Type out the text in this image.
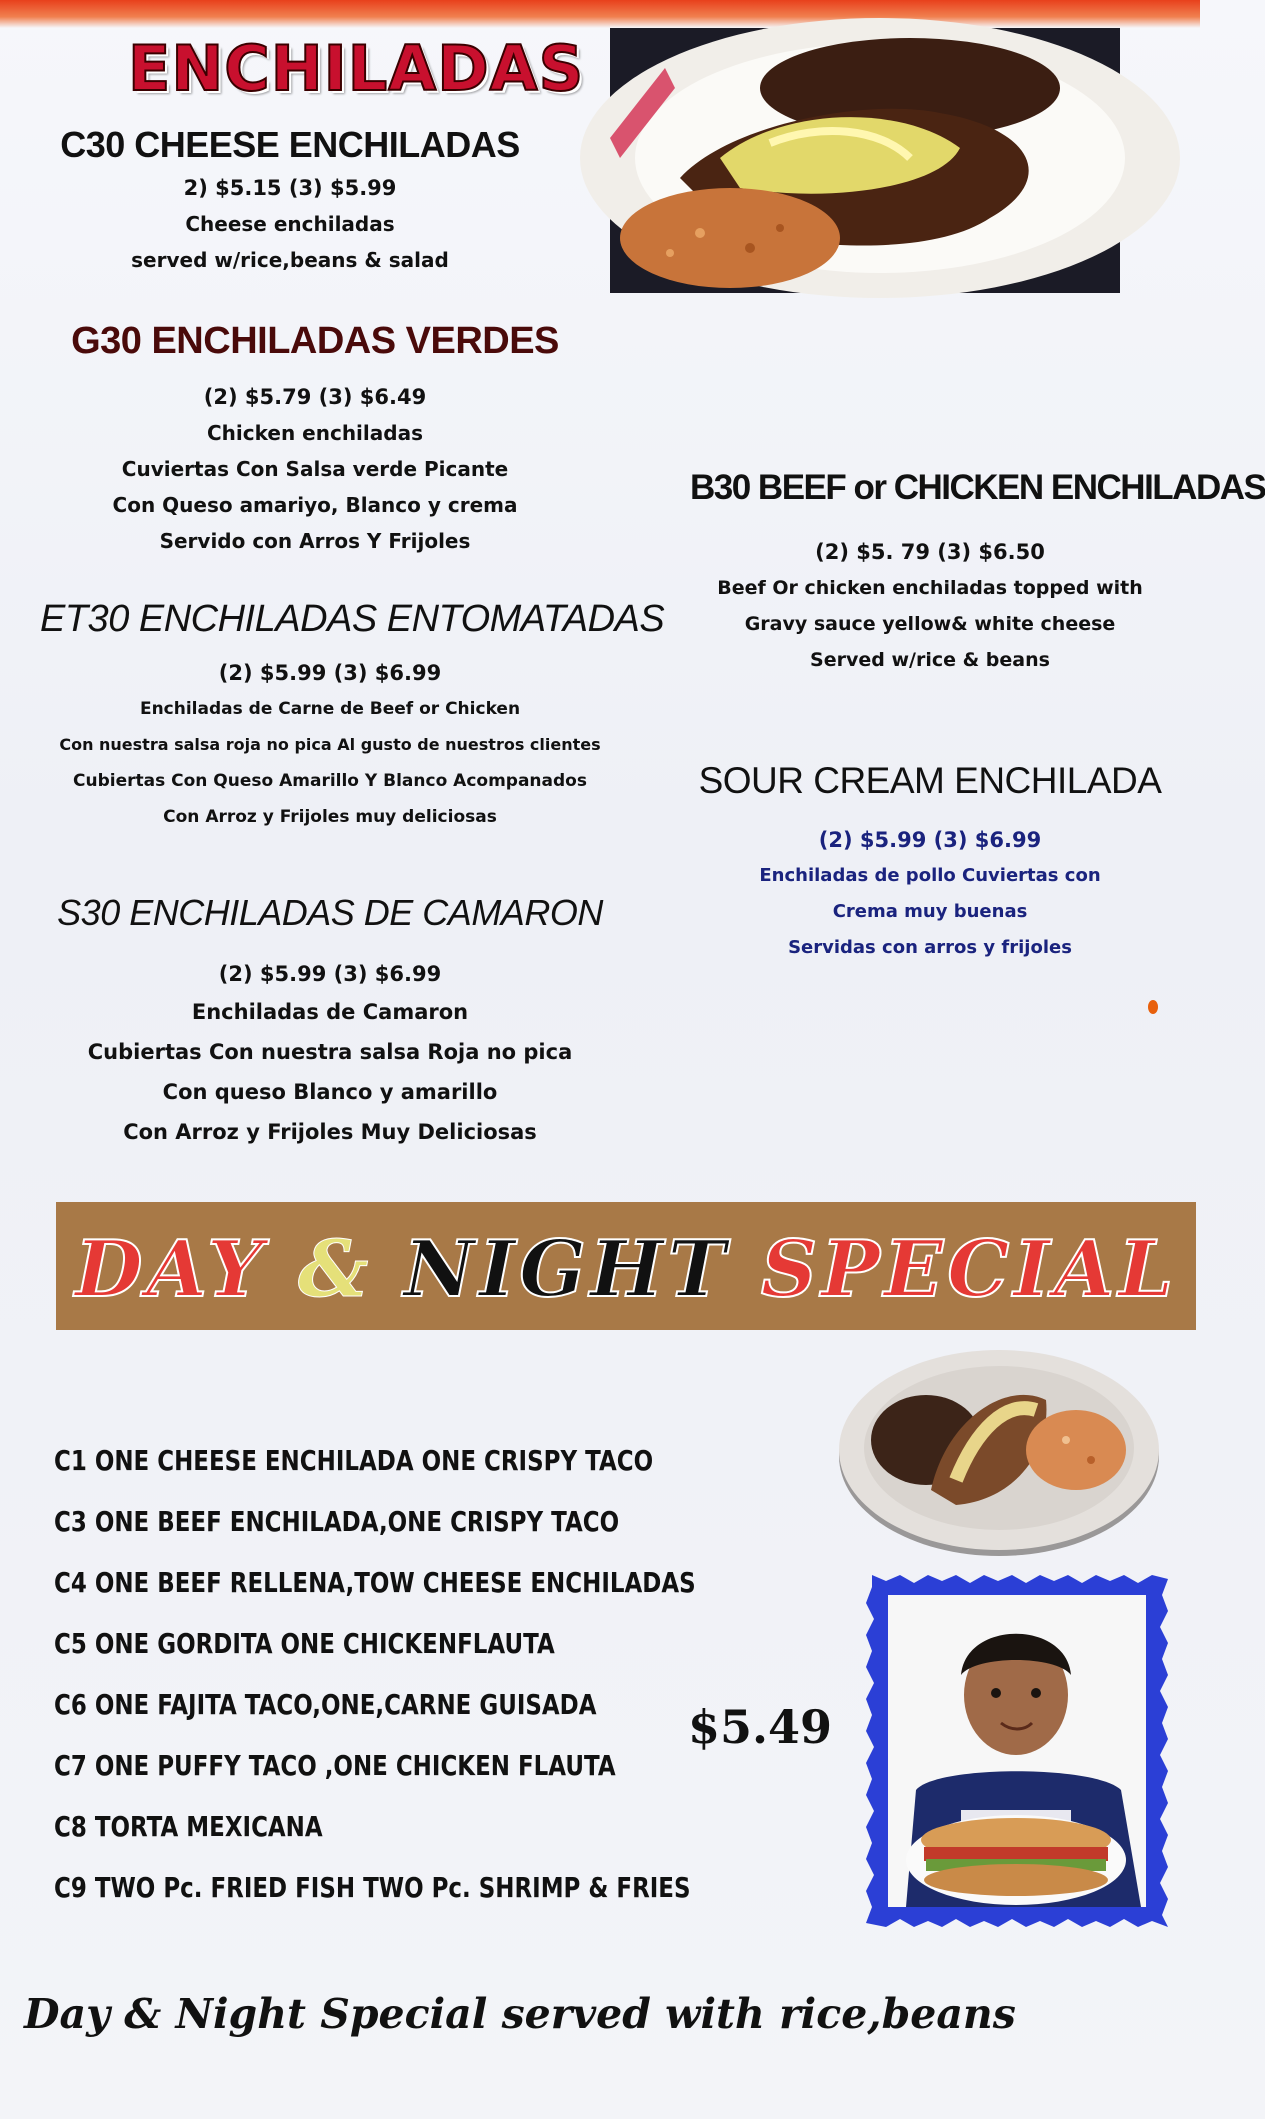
ENCHILADAS
C30 CHEESE ENCHILADAS
2) $5.15 (3) $5.99
Cheese enchiladas
served w/rice,beans & salad
G30 ENCHILADAS VERDES
(2) $5.79 (3) $6.49
Chicken enchiladas
Cuviertas Con Salsa verde Picante
Con Queso amariyo, Blanco y crema
Servido con Arros Y Frijoles
B30 BEEF or CHICKEN ENCHILADAS
(2) $5. 79 (3) $6.50
Beef Or chicken enchiladas topped with
Gravy sauce yellow& white cheese
Served w/rice & beans
ET30 ENCHILADAS ENTOMATADAS
(2) $5.99 (3) $6.99
Enchiladas de Carne de Beef or Chicken
Con nuestra salsa roja no pica Al gusto de nuestros clientes
Cubiertas Con Queso Amarillo Y Blanco Acompanados
Con Arroz y Frijoles muy deliciosas
SOUR CREAM ENCHILADA
(2) $5.99 (3) $6.99
Enchiladas de pollo Cuviertas con
Crema muy buenas
Servidas con arros y frijoles
S30 ENCHILADAS DE CAMARON
(2) $5.99 (3) $6.99
Enchiladas de Camaron
Cubiertas Con nuestra salsa Roja no pica
Con queso Blanco y amarillo
Con Arroz y Frijoles Muy Deliciosas
DAY & NIGHT SPECIAL
C1 ONE CHEESE ENCHILADA ONE CRISPY TACO
C3 ONE BEEF ENCHILADA,ONE CRISPY TACO
C4 ONE BEEF RELLENA,TOW CHEESE ENCHILADAS
C5 ONE GORDITA ONE CHICKENFLAUTA
C6 ONE FAJITA TACO,ONE,CARNE GUISADA
C7 ONE PUFFY TACO ,ONE CHICKEN FLAUTA
C8 TORTA MEXICANA
C9 TWO Pc. FRIED FISH TWO Pc. SHRIMP & FRIES
$5.49
Day & Night Special served with rice,beans
